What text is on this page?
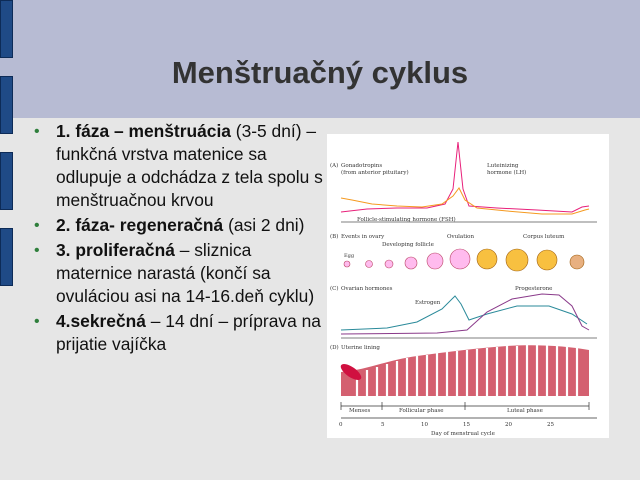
Menštruačný cyklus
• 1. fáza – menštruácia (3-5 dní) – funkčná vrstva matenice sa odlupuje a odchádza z tela spolu s menštruačnou krvou
• 2. fáza- regeneračná (asi 2 dni)
• 3. proliferačná – sliznica maternice narastá (končí sa ovuláciou asi na 14-16.deň cyklu)
• 4.sekrečná – 14 dní – príprava na prijatie vajíčka
(A) Gonadotropins
(from anterior pituitary)
Luteinizing
hormone (LH)
Follicle-stimulating hormone (FSH)
(B) Events in ovary
Developing follicle
Ovulation	Corpus luteum
Egg
(C) Ovarian hormones
Estrogen
Progesterone
(D) Uterine lining
Menses	Follicular phase	Luteal phase
0	5	10	15	20	25
Day of menstrual cycle
